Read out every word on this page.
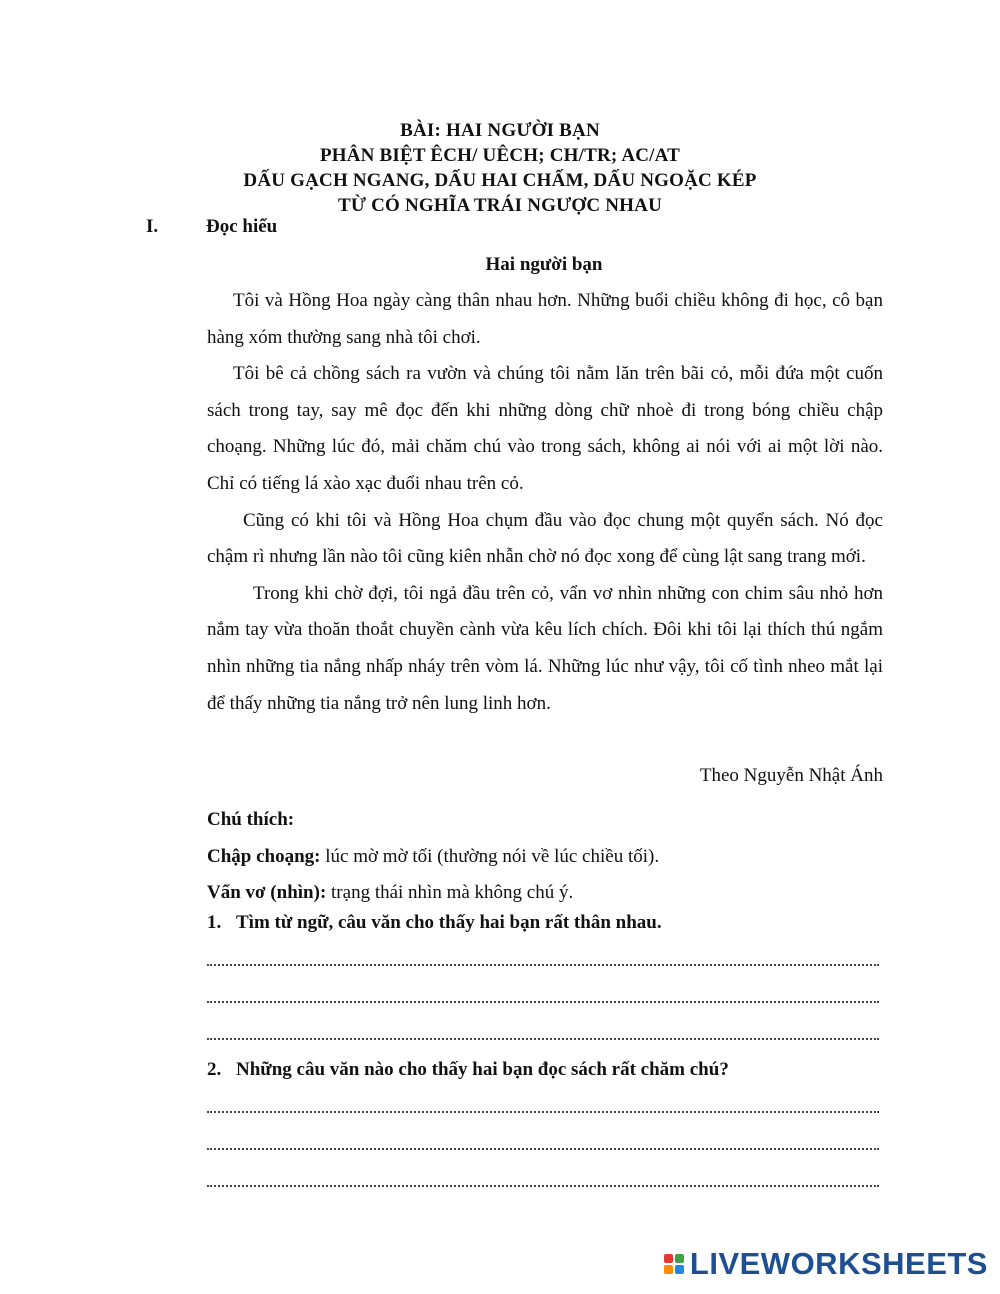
BÀI: HAI NGƯỜI BẠN
PHÂN BIỆT ÊCH/ UÊCH; CH/TR; AC/AT
DẤU GẠCH NGANG, DẤU HAI CHẤM, DẤU NGOẶC KÉP
TỪ CÓ NGHĨA TRÁI NGƯỢC NHAU
I.	Đọc hiểu
Hai người bạn

Tôi và Hồng Hoa ngày càng thân nhau hơn. Những buổi chiều không đi học, cô bạn hàng xóm thường sang nhà tôi chơi.

Tôi bê cả chồng sách ra vườn và chúng tôi nằm lăn trên bãi cỏ, mỗi đứa một cuốn sách trong tay, say mê đọc đến khi những dòng chữ nhoè đi trong bóng chiều chập choạng. Những lúc đó, mải chăm chú vào trong sách, không ai nói với ai một lời nào. Chỉ có tiếng lá xào xạc đuổi nhau trên cỏ.

Cũng có khi tôi và Hồng Hoa chụm đầu vào đọc chung một quyển sách. Nó đọc chậm rì nhưng lần nào tôi cũng kiên nhẫn chờ nó đọc xong để cùng lật sang trang mới.

Trong khi chờ đợi, tôi ngả đầu trên cỏ, vẩn vơ nhìn những con chim sâu nhỏ hơn nắm tay vừa thoăn thoắt chuyền cành vừa kêu lích chích. Đôi khi tôi lại thích thú ngắm nhìn những tia nắng nhấp nháy trên vòm lá. Những lúc như vậy, tôi cố tình nheo mắt lại để thấy những tia nắng trở nên lung linh hơn.

Theo Nguyễn Nhật Ánh
Chú thích:
Chập choạng: lúc mờ mờ tối (thường nói về lúc chiều tối).
Vẩn vơ (nhìn): trạng thái nhìn mà không chú ý.
1. Tìm từ ngữ, câu văn cho thấy hai bạn rất thân nhau.
2. Những câu văn nào cho thấy hai bạn đọc sách rất chăm chú?
LIVEWORKSHEETS
